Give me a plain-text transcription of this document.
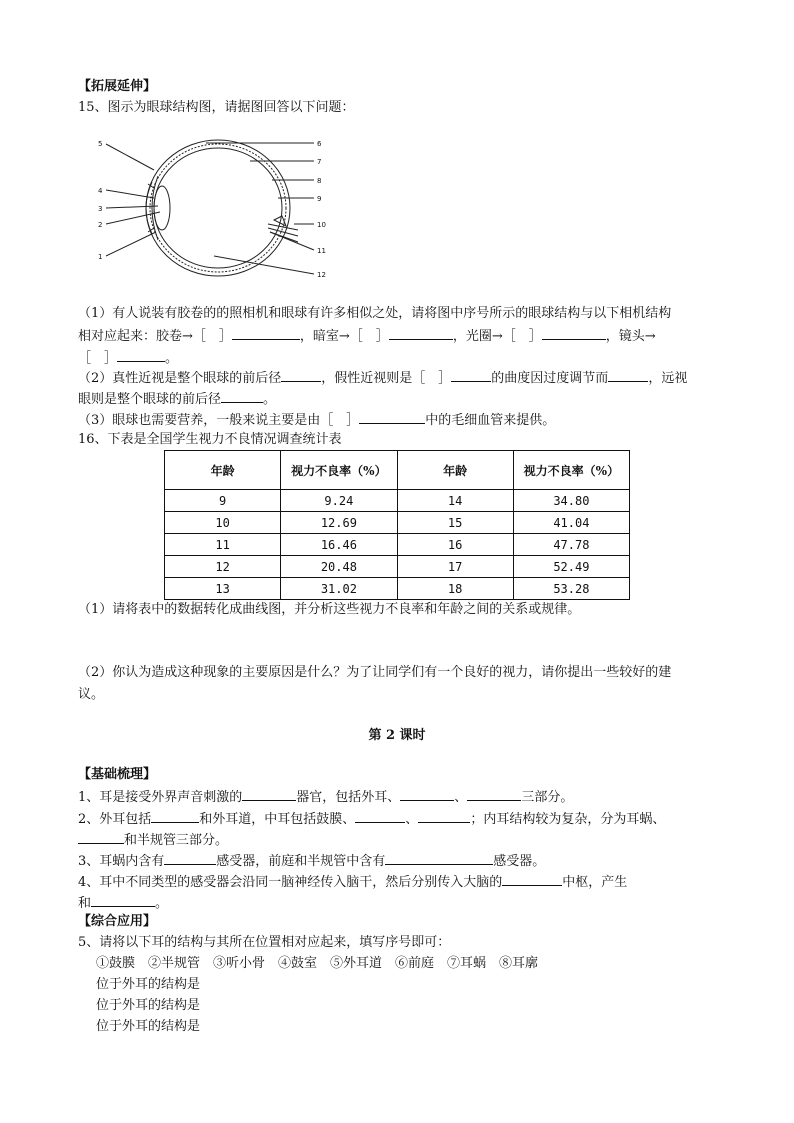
【拓展延伸】
15、图示为眼球结构图，请据图回答以下问题：
5
4
3
2
1
6
7
8
9
10
11
12
（1）有人说装有胶卷的的照相机和眼球有许多相似之处，请将图中序号所示的眼球结构与以下相机结构
相对应起来：胶卷→［　］	，暗室→［　］	，光圈→［　］	，镜头→
［　］	。
（2）真性近视是整个眼球的前后径	，假性近视则是［　］	的曲度因过度调节而	，远视
眼则是整个眼球的前后径	。
（3）眼球也需要营养，一般来说主要是由［　］	中的毛细血管来提供。
16、下表是全国学生视力不良情况调查统计表
年龄	视力不良率（%）	年龄	视力不良率（%）
9	9.24	14	34.80
10	12.69	15	41.04
11	16.46	16	47.78
12	20.48	17	52.49
13	31.02	18	53.28
（1）请将表中的数据转化成曲线图，并分析这些视力不良率和年龄之间的关系或规律。
（2）你认为造成这种现象的主要原因是什么？为了让同学们有一个良好的视力，请你提出一些较好的建
议。
第 2 课时
【基础梳理】
1、耳是接受外界声音刺激的	器官，包括外耳、	、	三部分。
2、外耳包括	和外耳道，中耳包括鼓膜、	、	；内耳结构较为复杂，分为耳蜗、
和半规管三部分。
3、耳蜗内含有	感受器，前庭和半规管中含有	感受器。
4、耳中不同类型的感受器会沿同一脑神经传入脑干，然后分别传入大脑的	中枢，产生
和	。
【综合应用】
5、请将以下耳的结构与其所在位置相对应起来，填写序号即可：
①鼓膜　②半规管　③听小骨　④鼓室　⑤外耳道　⑥前庭　⑦耳蜗　⑧耳廓
位于外耳的结构是
位于外耳的结构是
位于外耳的结构是
